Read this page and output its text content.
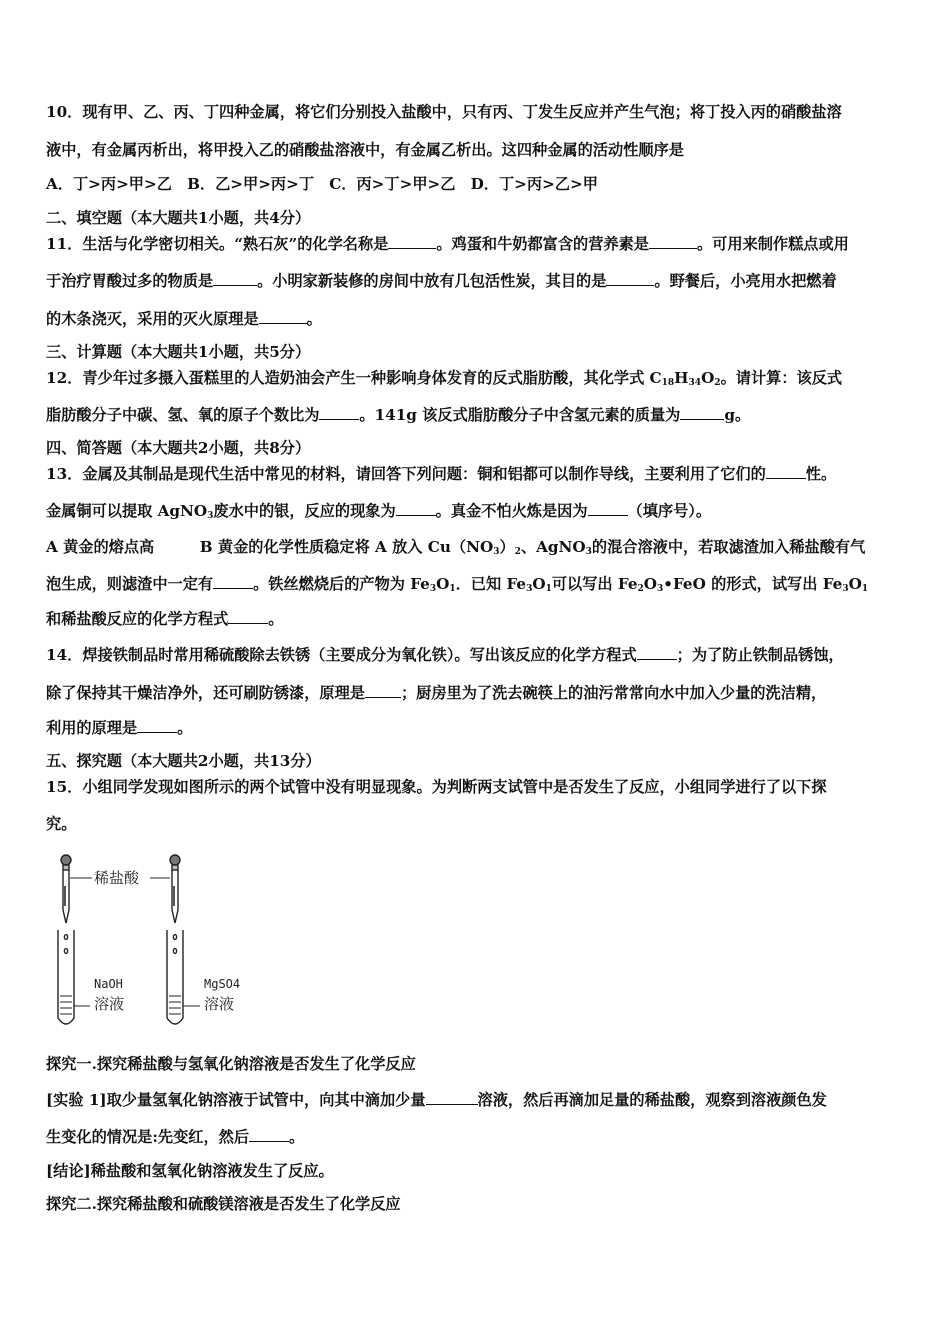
10．现有甲、乙、丙、丁四种金属，将它们分别投入盐酸中，只有丙、丁发生反应并产生气泡；将丁投入丙的硝酸盐溶
液中，有金属丙析出，将甲投入乙的硝酸盐溶液中，有金属乙析出。这四种金属的活动性顺序是
A．丁>丙>甲>乙　B．乙>甲>丙>丁　C．丙>丁>甲>乙　D．丁>丙>乙>甲
二、填空题（本大题共1小题，共4分）
11．生活与化学密切相关。“熟石灰”的化学名称是	。鸡蛋和牛奶都富含的营养素是	。可用来制作糕点或用
于治疗胃酸过多的物质是	。小明家新装修的房间中放有几包活性炭，其目的是	。野餐后，小亮用水把燃着
的木条浇灭，采用的灭火原理是	。
三、计算题（本大题共1小题，共5分）
12．青少年过多摄入蛋糕里的人造奶油会产生一种影响身体发育的反式脂肪酸，其化学式 $C_{18}H_{34}O_2$。请计算：该反式
脂肪酸分子中碳、氢、氧的原子个数比为	。141g 该反式脂肪酸分子中含氢元素的质量为	g。
四、简答题（本大题共2小题，共8分）
13．金属及其制品是现代生活中常见的材料，请回答下列问题：铜和铝都可以制作导线，主要利用了它们的	性。
金属铜可以提取 AgNO$_3$废水中的银，反应的现象为	。真金不怕火炼是因为	（填序号）。
A 黄金的熔点高　　　B 黄金的化学性质稳定将 A 放入 $Cu(NO_3)_2$、AgNO$_3$的混合溶液中，若取滤渣加入稀盐酸有气
泡生成，则滤渣中一定有	。铁丝燃烧后的产物为 $Fe_3O_1$．已知 $Fe_3O_1$可以写出 $Fe_2O_3•FeO$ 的形式，试写出 $Fe_3O_1$
和稀盐酸反应的化学方程式	。
14．焊接铁制品时常用稀硫酸除去铁锈（主要成分为氧化铁）。写出该反应的化学方程式	；为了防止铁制品锈蚀，
除了保持其干燥洁净外，还可刷防锈漆，原理是 ；厨房里为了洗去碗筷上的油污常常向水中加入少量的洗洁精，
利用的原理是	。
五、探究题（本大题共2小题，共13分）
15．小组同学发现如图所示的两个试管中没有明显现象。为判断两支试管中是否发生了反应，小组同学进行了以下探
究。
稀盐酸
NaOH
溶液
MgSO4
溶液
探究一.探究稀盐酸与氢氧化钠溶液是否发生了化学反应
[实验 1]取少量氢氧化钠溶液于试管中，向其中滴加少量	溶液，然后再滴加足量的稀盐酸，观察到溶液颜色发
生变化的情况是:先变红，然后	。
[结论]稀盐酸和氢氧化钠溶液发生了反应。
探究二.探究稀盐酸和硫酸镁溶液是否发生了化学反应
